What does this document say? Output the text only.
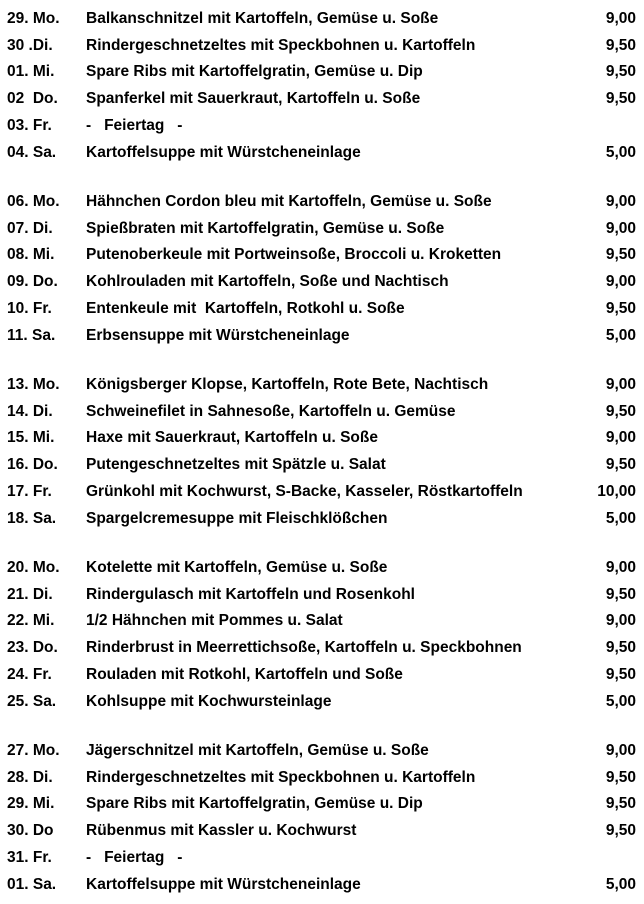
29. Mo. Balkanschnitzel mit Kartoffeln, Gemüse u. Soße	9,00
30 .Di. Rindergeschnetzeltes mit Speckbohnen u. Kartoffeln	9,50
01. Mi. Spare Ribs mit Kartoffelgratin, Gemüse u. Dip	9,50
02  Do. Spanferkel mit Sauerkraut, Kartoffeln u. Soße	9,50
03. Fr. -   Feiertag   -
04. Sa. Kartoffelsuppe mit Würstcheneinlage	5,00
06. Mo. Hähnchen Cordon bleu mit Kartoffeln, Gemüse u. Soße	9,00
07. Di. Spießbraten mit Kartoffelgratin, Gemüse u. Soße	9,00
08. Mi. Putenoberkeule mit Portweinsoße, Broccoli u. Kroketten	9,50
09. Do. Kohlrouladen mit Kartoffeln, Soße und Nachtisch	9,00
10. Fr. Entenkeule mit  Kartoffeln, Rotkohl u. Soße	9,50
11. Sa. Erbsensuppe mit Würstcheneinlage	5,00
13. Mo. Königsberger Klopse, Kartoffeln, Rote Bete, Nachtisch	9,00
14. Di. Schweinefilet in Sahnesoße, Kartoffeln u. Gemüse	9,50
15. Mi. Haxe mit Sauerkraut, Kartoffeln u. Soße	9,00
16. Do. Putengeschnetzeltes mit Spätzle u. Salat	9,50
17. Fr. Grünkohl mit Kochwurst, S-Backe, Kasseler, Röstkartoffeln	10,00
18. Sa. Spargelcremesuppe mit Fleischklößchen	5,00
20. Mo. Kotelette mit Kartoffeln, Gemüse u. Soße	9,00
21. Di. Rindergulasch mit Kartoffeln und Rosenkohl	9,50
22. Mi. 1/2 Hähnchen mit Pommes u. Salat	9,00
23. Do. Rinderbrust in Meerrettichsoße, Kartoffeln u. Speckbohnen	9,50
24. Fr. Rouladen mit Rotkohl, Kartoffeln und Soße	9,50
25. Sa. Kohlsuppe mit Kochwursteinlage	5,00
27. Mo. Jägerschnitzel mit Kartoffeln, Gemüse u. Soße	9,00
28. Di. Rindergeschnetzeltes mit Speckbohnen u. Kartoffeln	9,50
29. Mi. Spare Ribs mit Kartoffelgratin, Gemüse u. Dip	9,50
30. Do Rübenmus mit Kassler u. Kochwurst	9,50
31. Fr. -   Feiertag   -
01. Sa. Kartoffelsuppe mit Würstcheneinlage	5,00
